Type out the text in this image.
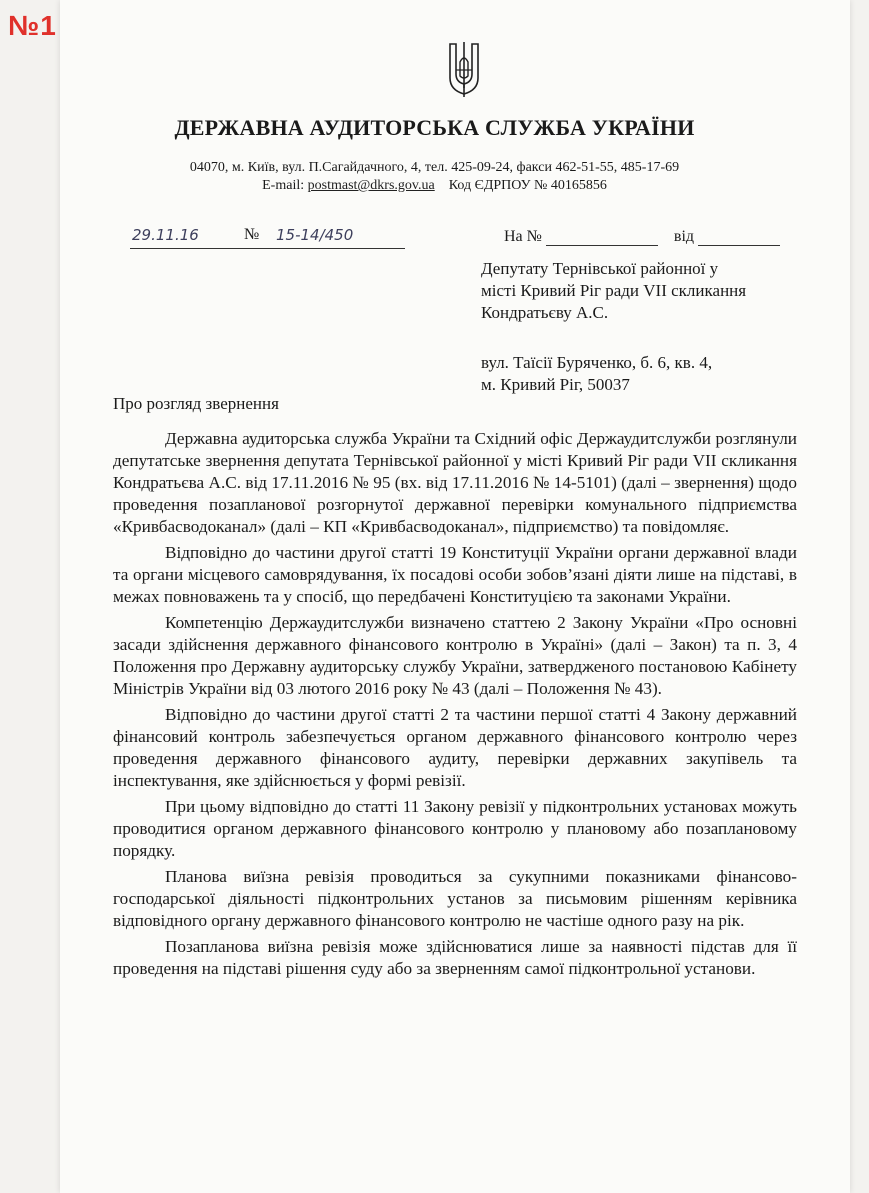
№1
ДЕРЖАВНА АУДИТОРСЬКА СЛУЖБА УКРАЇНИ
04070, м. Київ, вул. П.Сагайдачного, 4, тел. 425-09-24, факси 462-51-55, 485-17-69
E-mail: postmast@dkrs.gov.ua Код ЄДРПОУ № 40165856
29.11.16	№ 15-14/450	На №	від
Депутату Тернівської районної у
місті Кривий Ріг ради VII скликання
Кондратьєву А.С.
вул. Таїсії Буряченко, б. 6, кв. 4,
м. Кривий Ріг, 50037
Про розгляд звернення

Державна аудиторська служба України та Східний офіс Держаудитслужби розглянули депутатське звернення депутата Тернівської районної у місті Кривий Ріг ради VII скликання Кондратьєва А.С. від 17.11.2016 № 95 (вх. від 17.11.2016 № 14-5101) (далі – звернення) щодо проведення позапланової розгорнутої державної перевірки комунального підприємства «Кривбасводоканал» (далі – КП «Кривбасводоканал», підприємство) та повідомляє.

Відповідно до частини другої статті 19 Конституції України органи державної влади та органи місцевого самоврядування, їх посадові особи зобов’язані діяти лише на підставі, в межах повноважень та у спосіб, що передбачені Конституцією та законами України.

Компетенцію Держаудитслужби визначено статтею 2 Закону України «Про основні засади здійснення державного фінансового контролю в Україні» (далі – Закон) та п. 3, 4 Положення про Державну аудиторську службу України, затвердженого постановою Кабінету Міністрів України від 03 лютого 2016 року № 43 (далі – Положення № 43).

Відповідно до частини другої статті 2 та частини першої статті 4 Закону державний фінансовий контроль забезпечується органом державного фінансового контролю через проведення державного фінансового аудиту, перевірки державних закупівель та інспектування, яке здійснюється у формі ревізії.

При цьому відповідно до статті 11 Закону ревізії у підконтрольних установах можуть проводитися органом державного фінансового контролю у плановому або позаплановому порядку.

Планова виїзна ревізія проводиться за сукупними показниками фінансово-господарської діяльності підконтрольних установ за письмовим рішенням керівника відповідного органу державного фінансового контролю не частіше одного разу на рік.

Позапланова виїзна ревізія може здійснюватися лише за наявності підстав для її проведення на підставі рішення суду або за зверненням самої підконтрольної установи.
